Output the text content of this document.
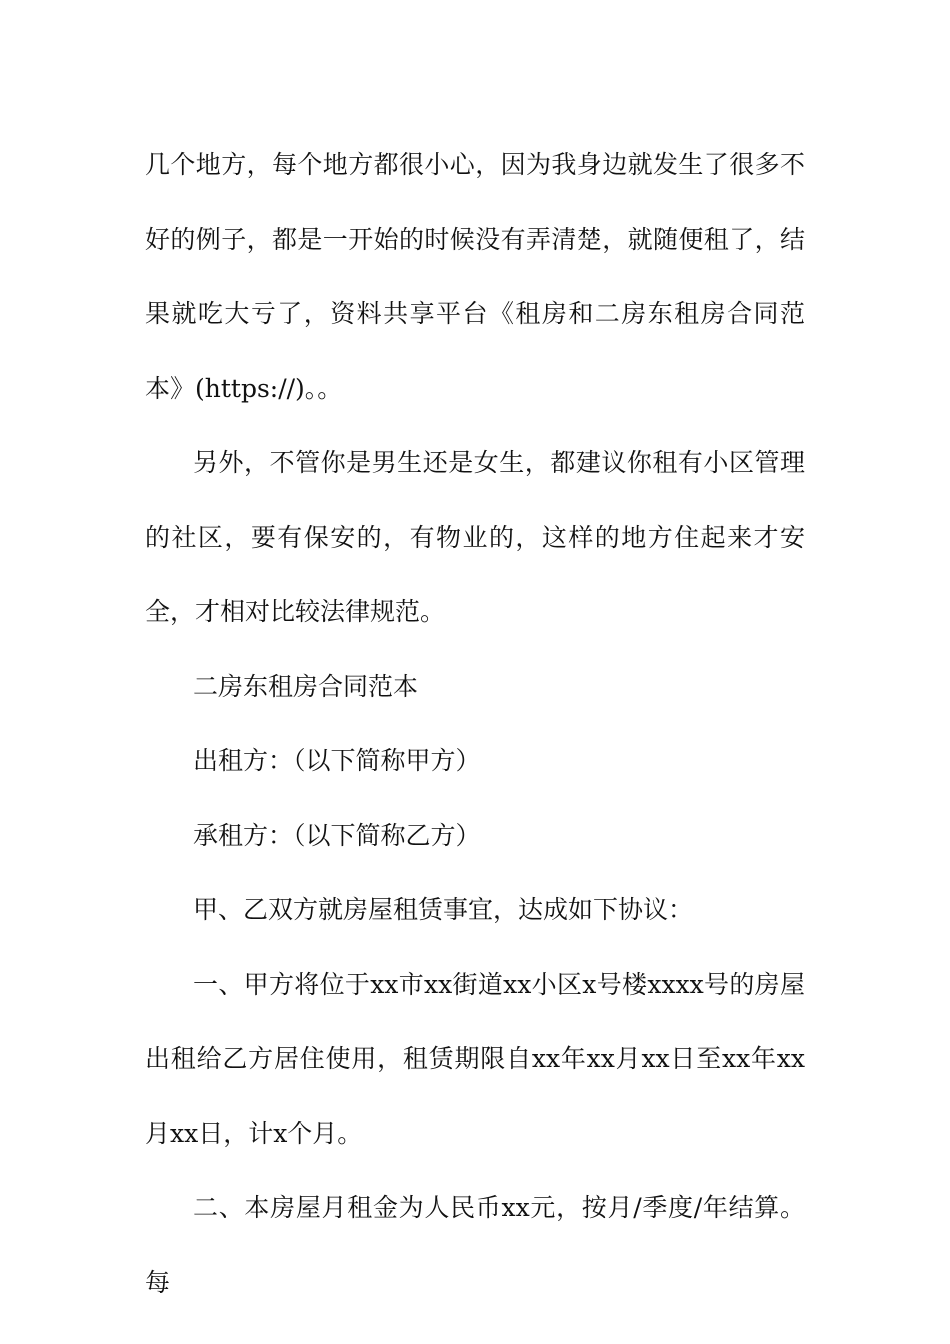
几个地方，每个地方都很小心，因为我身边就发生了很多不好的例子，都是一开始的时候没有弄清楚，就随便租了，结果就吃大亏了，资料共享平台《租房和二房东租房合同范本》(https://)。。

另外，不管你是男生还是女生，都建议你租有小区管理的社区，要有保安的，有物业的，这样的地方住起来才安全，才相对比较法律规范。

二房东租房合同范本

出租方：（以下简称甲方）

承租方：（以下简称乙方）

甲、乙双方就房屋租赁事宜，达成如下协议：

一、甲方将位于xx市xx街道xx小区x号楼xxxx号的房屋出租给乙方居住使用，租赁期限自xx年xx月xx日至xx年xx月xx日，计x个月。

二、本房屋月租金为人民币xx元，按月/季度/年结算。每
